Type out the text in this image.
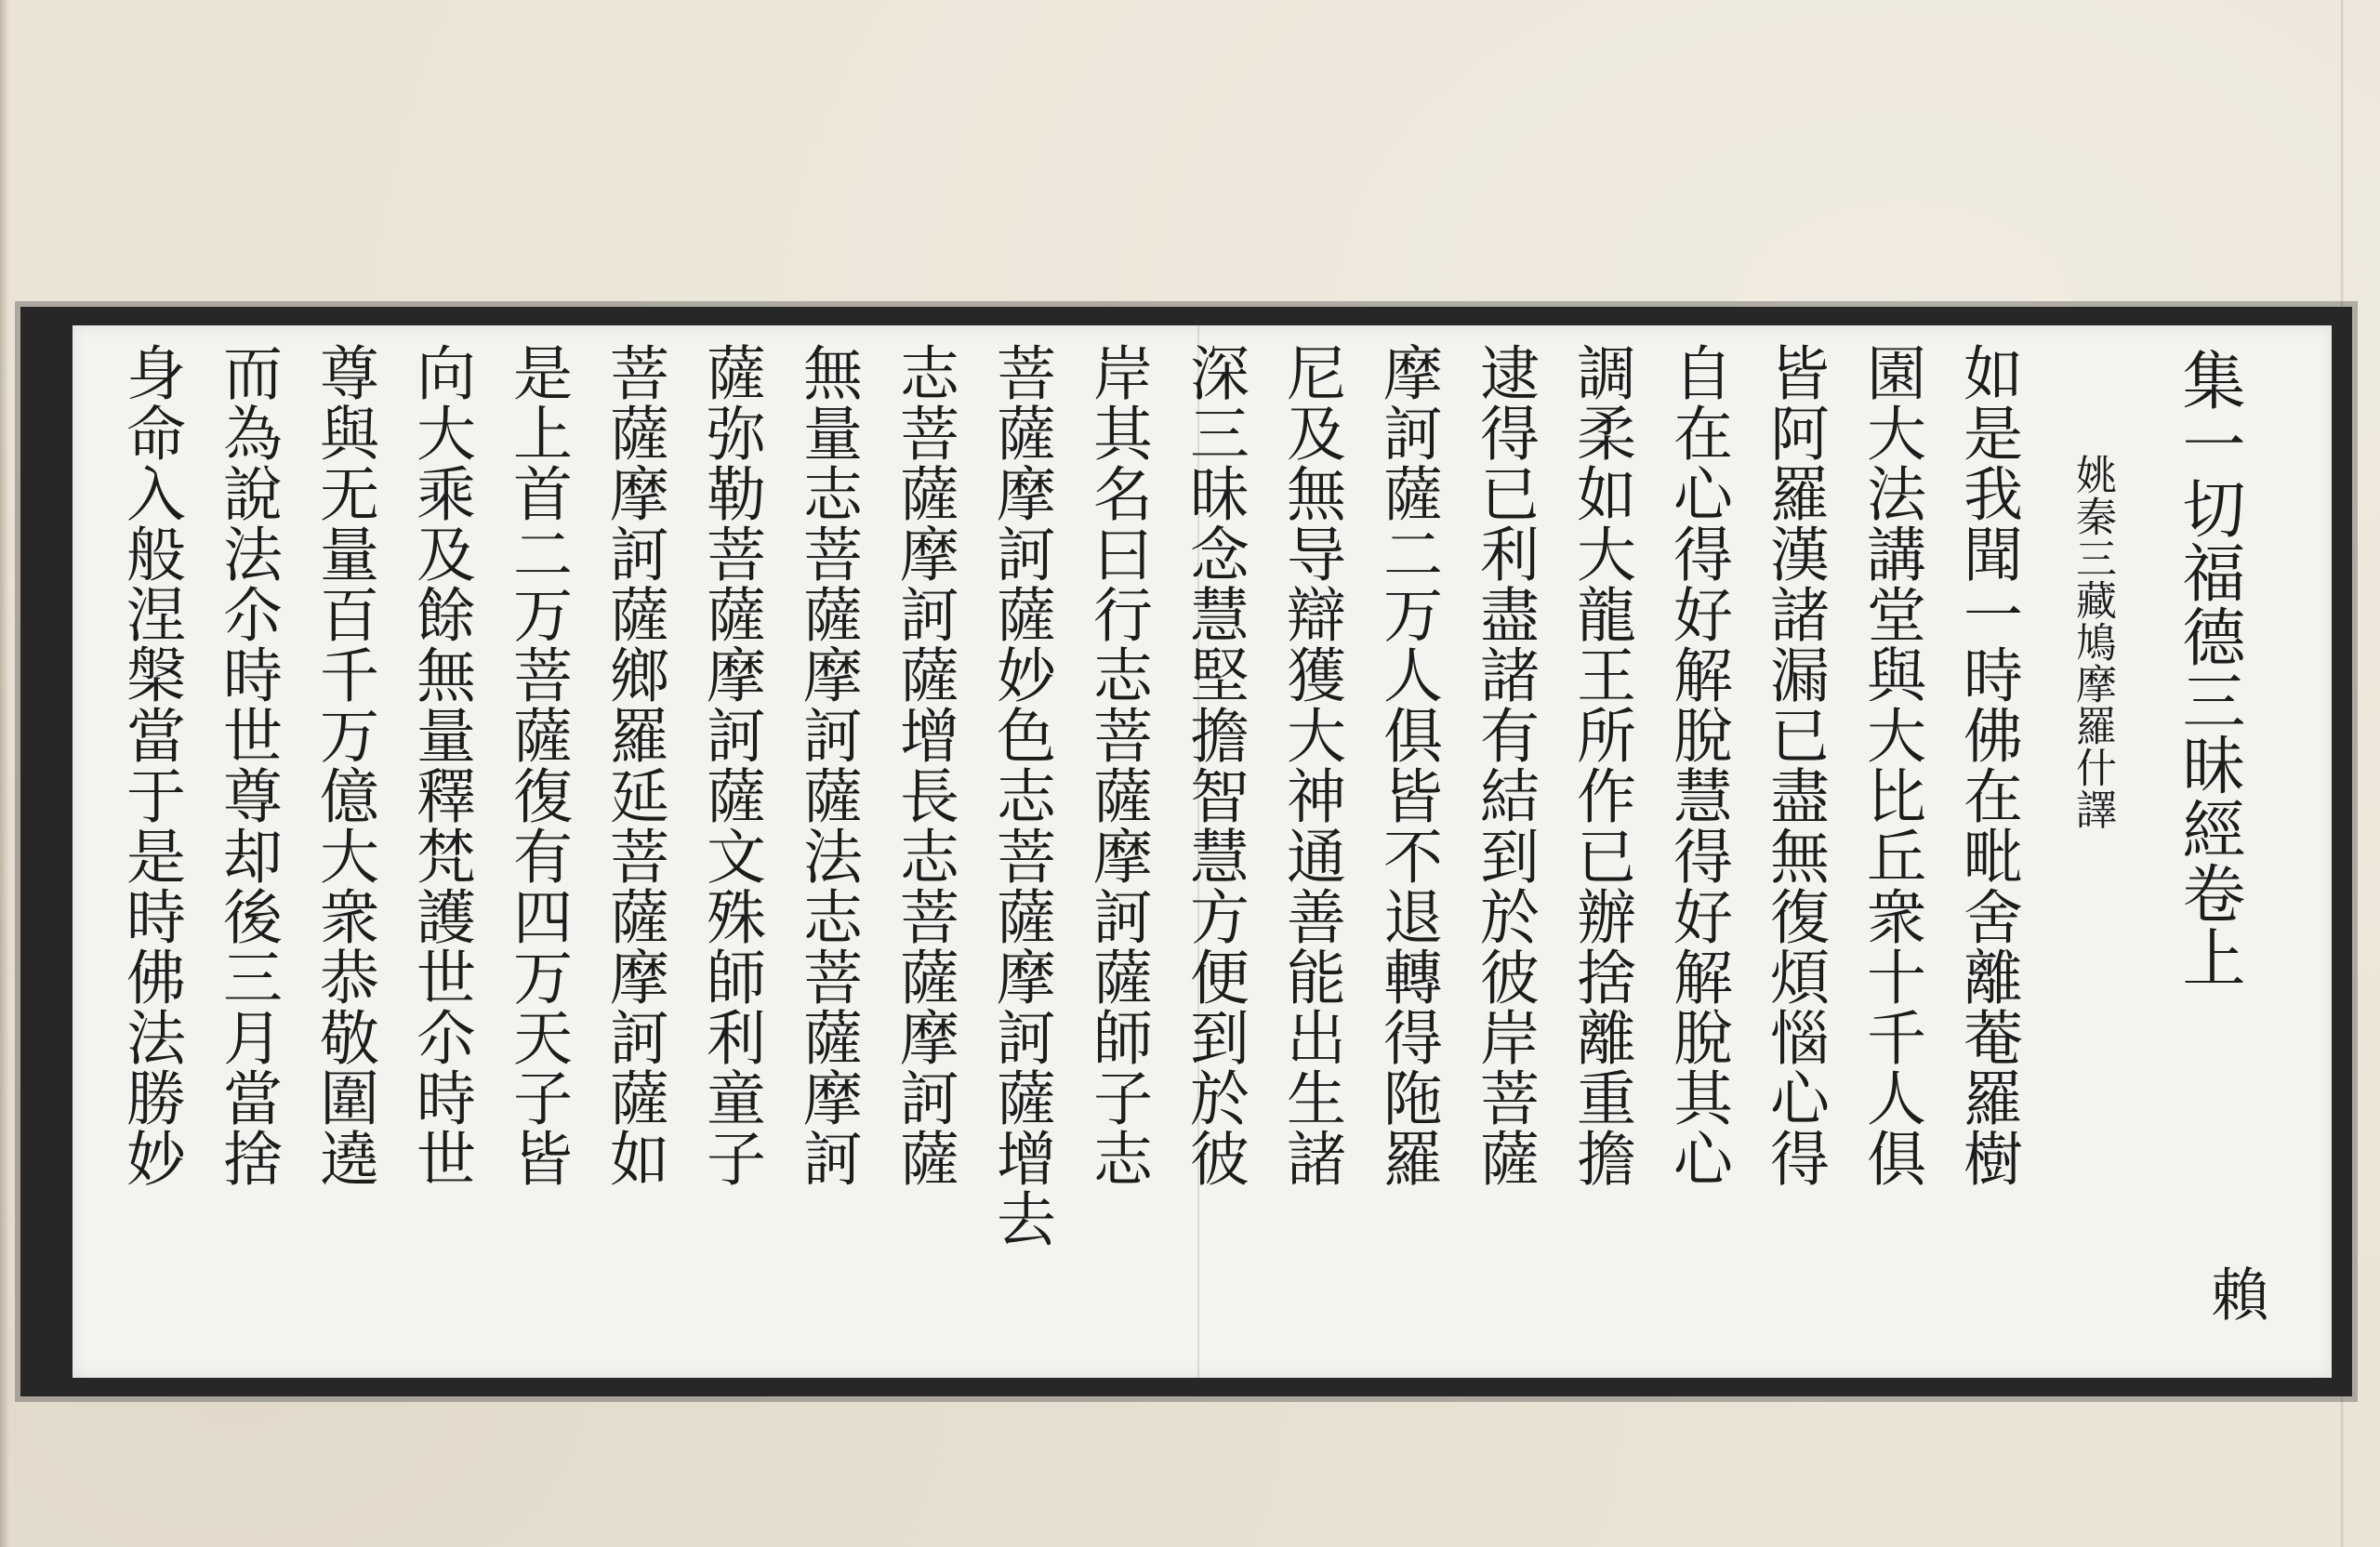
集一切福德三昧經卷上
姚秦三藏鳩摩羅什譯
賴
如是我聞一時佛在毗舍離菴羅樹
園大法講堂與大比丘衆十千人俱
皆阿羅漢諸漏已盡無復煩惱心得
自在心得好解脫慧得好解脫其心
調柔如大龍王所作已辦捨離重擔
逮得已利盡諸有結到於彼岸菩薩
摩訶薩二万人俱皆不退轉得陁羅
尼及無导辯獲大神通善能出生諸
深三昧念慧堅擔智慧方便到於彼
岸其名曰行志菩薩摩訶薩師子志
菩薩摩訶薩妙色志菩薩摩訶薩增去
志菩薩摩訶薩增長志菩薩摩訶薩
無量志菩薩摩訶薩法志菩薩摩訶
薩弥勒菩薩摩訶薩文殊師利童子
菩薩摩訶薩鄉羅延菩薩摩訶薩如
是上首二万菩薩復有四万天子皆
向大乘及餘無量釋梵護世尒時世
尊與无量百千万億大衆恭敬圍遶
而為說法尒時世尊却後三月當捨
身命入般涅槃當于是時佛法勝妙
